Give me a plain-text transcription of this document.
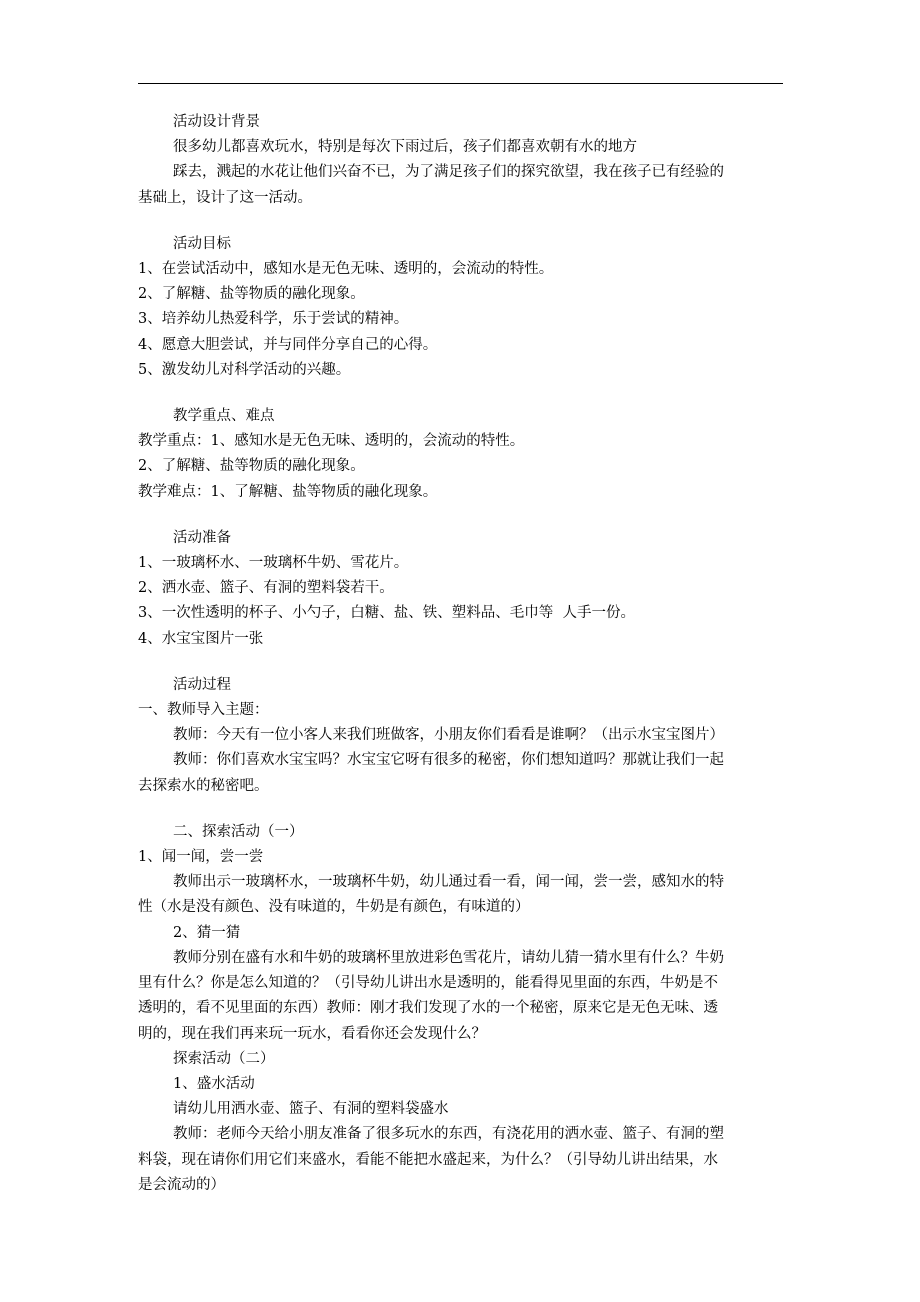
活动设计背景
很多幼儿都喜欢玩水，特别是每次下雨过后，孩子们都喜欢朝有水的地方
踩去，溅起的水花让他们兴奋不已，为了满足孩子们的探究欲望，我在孩子已有经验的
基础上，设计了这一活动。
活动目标
1、在尝试活动中，感知水是无色无味、透明的，会流动的特性。
2、了解糖、盐等物质的融化现象。
3、培养幼儿热爱科学，乐于尝试的精神。
4、愿意大胆尝试，并与同伴分享自己的心得。
5、激发幼儿对科学活动的兴趣。
教学重点、难点
教学重点：1、感知水是无色无味、透明的，会流动的特性。
2、了解糖、盐等物质的融化现象。
教学难点：1、了解糖、盐等物质的融化现象。
活动准备
1、一玻璃杯水、一玻璃杯牛奶、雪花片。
2、洒水壶、篮子、有洞的塑料袋若干。
3、一次性透明的杯子、小勺子，白糖、盐、铁、塑料品、毛巾等  人手一份。
4、水宝宝图片一张
活动过程
一、教师导入主题：
教师：今天有一位小客人来我们班做客，小朋友你们看看是谁啊？（出示水宝宝图片）
教师：你们喜欢水宝宝吗？水宝宝它呀有很多的秘密，你们想知道吗？那就让我们一起
去探索水的秘密吧。
二、探索活动（一）
1、闻一闻，尝一尝
教师出示一玻璃杯水，一玻璃杯牛奶，幼儿通过看一看，闻一闻，尝一尝，感知水的特
性（水是没有颜色、没有味道的，牛奶是有颜色，有味道的）
2、猜一猜
教师分别在盛有水和牛奶的玻璃杯里放进彩色雪花片，请幼儿猜一猜水里有什么？牛奶
里有什么？你是怎么知道的？（引导幼儿讲出水是透明的，能看得见里面的东西，牛奶是不
透明的，看不见里面的东西）教师：刚才我们发现了水的一个秘密，原来它是无色无味、透
明的，现在我们再来玩一玩水，看看你还会发现什么？
探索活动（二）
1、盛水活动
请幼儿用洒水壶、篮子、有洞的塑料袋盛水
教师：老师今天给小朋友准备了很多玩水的东西，有浇花用的洒水壶、篮子、有洞的塑
料袋，现在请你们用它们来盛水，看能不能把水盛起来，为什么？（引导幼儿讲出结果，水
是会流动的）
